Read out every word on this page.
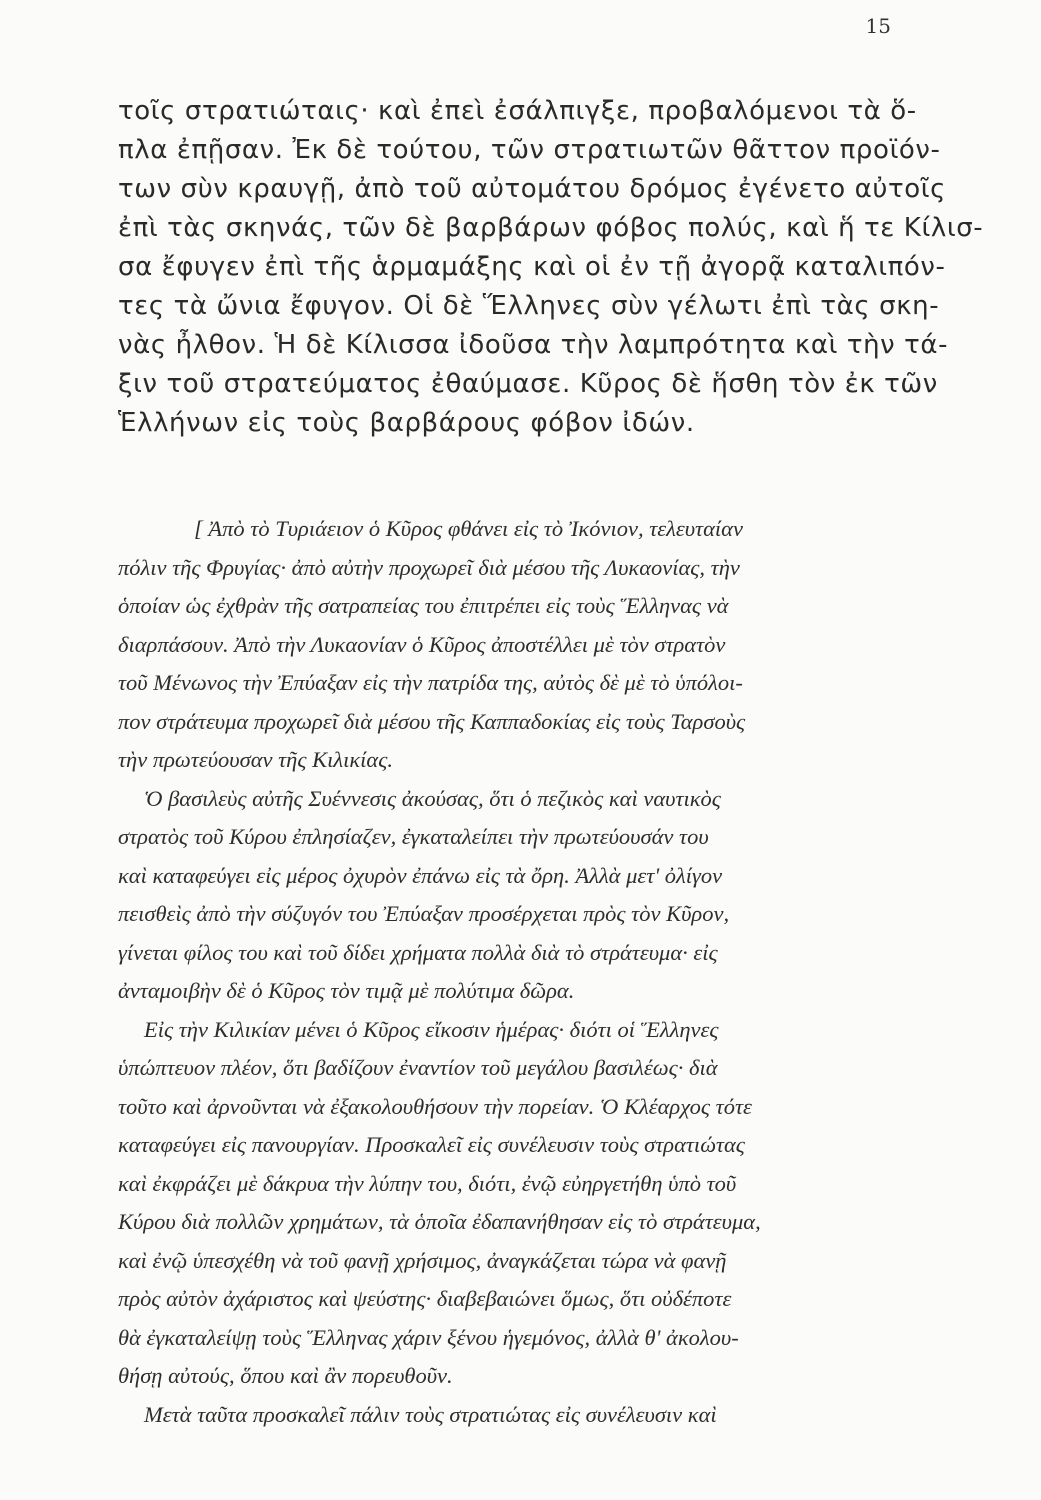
15
τοῖς στρατιώταις· καὶ ἐπεὶ ἐσάλπιγξε, προβαλόμενοι τὰ ὅ-
πλα ἐπῇσαν. Ἐκ δὲ τούτου, τῶν στρατιωτῶν θᾶττον προϊόν-
των σὺν κραυγῇ, ἀπὸ τοῦ αὐτομάτου δρόμος ἐγένετο αὐτοῖς
ἐπὶ τὰς σκηνάς, τῶν δὲ βαρβάρων φόβος πολύς, καὶ ἥ τε Κίλισ-
σα ἔφυγεν ἐπὶ τῆς ἁρμαμάξης καὶ οἱ ἐν τῇ ἀγορᾷ καταλιπόν-
τες τὰ ὤνια ἔφυγον. Οἱ δὲ Ἕλληνες σὺν γέλωτι ἐπὶ τὰς σκη-
νὰς ἦλθον. Ἡ δὲ Κίλισσα ἰδοῦσα τὴν λαμπρότητα καὶ τὴν τά-
ξιν τοῦ στρατεύματος ἐθαύμασε. Κῦρος δὲ ἥσθη τὸν ἐκ τῶν
Ἑλλήνων εἰς τοὺς βαρβάρους φόβον ἰδών.
[ Ἀπὸ τὸ Τυριάειον ὁ Κῦρος φθάνει εἰς τὸ Ἰκόνιον, τελευταίαν
πόλιν τῆς Φρυγίας· ἀπὸ αὐτὴν προχωρεῖ διὰ μέσου τῆς Λυκαονίας, τὴν
ὁποίαν ὡς ἐχθρὰν τῆς σατραπείας του ἐπιτρέπει εἰς τοὺς Ἕλληνας νὰ
διαρπάσουν. Ἀπὸ τὴν Λυκαονίαν ὁ Κῦρος ἀποστέλλει μὲ τὸν στρατὸν
τοῦ Μένωνος τὴν Ἐπύαξαν εἰς τὴν πατρίδα της, αὐτὸς δὲ μὲ τὸ ὑπόλοι-
πον στράτευμα προχωρεῖ διὰ μέσου τῆς Καππαδοκίας εἰς τοὺς Ταρσοὺς
τὴν πρωτεύουσαν τῆς Κιλικίας.
Ὁ βασιλεὺς αὐτῆς Συέννεσις ἀκούσας, ὅτι ὁ πεζικὸς καὶ ναυτικὸς
στρατὸς τοῦ Κύρου ἐπλησίαζεν, ἐγκαταλείπει τὴν πρωτεύουσάν του
καὶ καταφεύγει εἰς μέρος ὀχυρὸν ἐπάνω εἰς τὰ ὄρη. Ἀλλὰ μετ' ὀλίγον
πεισθεὶς ἀπὸ τὴν σύζυγόν του Ἐπύαξαν προσέρχεται πρὸς τὸν Κῦρον,
γίνεται φίλος του καὶ τοῦ δίδει χρήματα πολλὰ διὰ τὸ στράτευμα· εἰς
ἀνταμοιβὴν δὲ ὁ Κῦρος τὸν τιμᾷ μὲ πολύτιμα δῶρα.
Εἰς τὴν Κιλικίαν μένει ὁ Κῦρος εἴκοσιν ἡμέρας· διότι οἱ Ἕλληνες
ὑπώπτευον πλέον, ὅτι βαδίζουν ἐναντίον τοῦ μεγάλου βασιλέως· διὰ
τοῦτο καὶ ἀρνοῦνται νὰ ἐξακολουθήσουν τὴν πορείαν. Ὁ Κλέαρχος τότε
καταφεύγει εἰς πανουργίαν. Προσκαλεῖ εἰς συνέλευσιν τοὺς στρατιώτας
καὶ ἐκφράζει μὲ δάκρυα τὴν λύπην του, διότι, ἐνῷ εὐηργετήθη ὑπὸ τοῦ
Κύρου διὰ πολλῶν χρημάτων, τὰ ὁποῖα ἐδαπανήθησαν εἰς τὸ στράτευμα,
καὶ ἐνῷ ὑπεσχέθη νὰ τοῦ φανῇ χρήσιμος, ἀναγκάζεται τώρα νὰ φανῇ
πρὸς αὐτὸν ἀχάριστος καὶ ψεύστης· διαβεβαιώνει ὅμως, ὅτι οὐδέποτε
θὰ ἐγκαταλείψῃ τοὺς Ἕλληνας χάριν ξένου ἡγεμόνος, ἀλλὰ θ' ἀκολου-
θήσῃ αὐτούς, ὅπου καὶ ἂν πορευθοῦν.
Μετὰ ταῦτα προσκαλεῖ πάλιν τοὺς στρατιώτας εἰς συνέλευσιν καὶ
